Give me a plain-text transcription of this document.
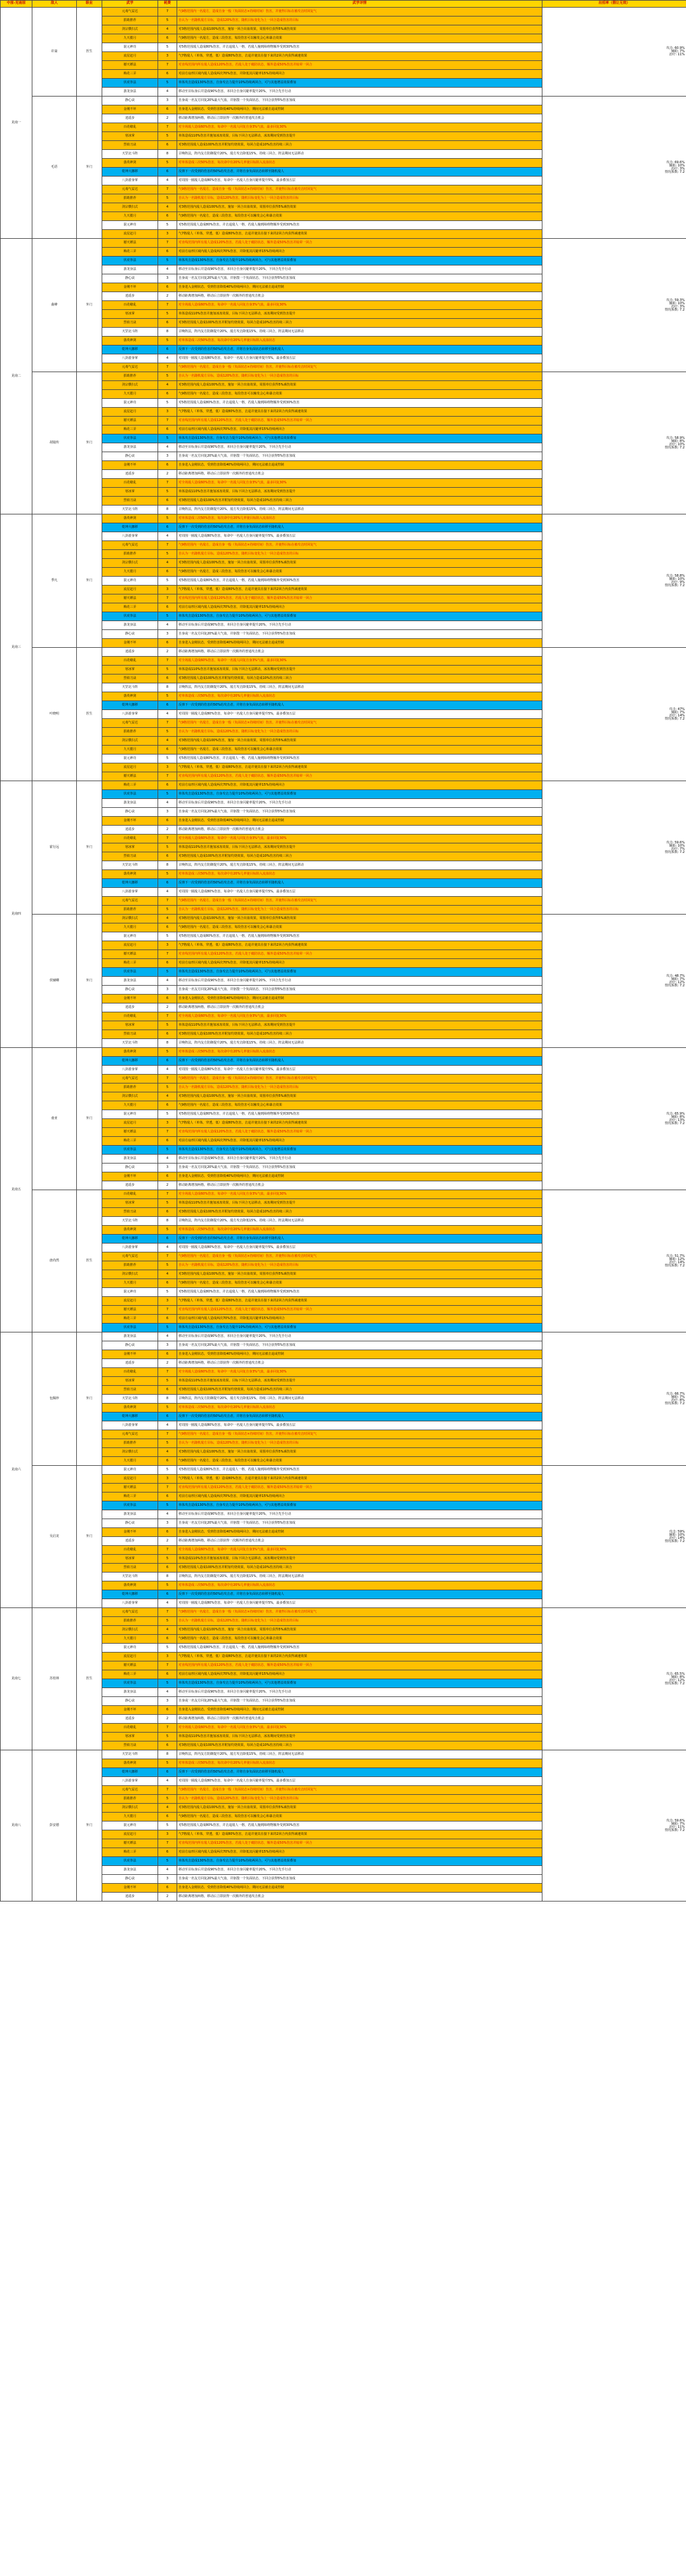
中原-见南原	敌人	职业	武学	耗费	武学详情	出招率（假让无效）
见南一	许嵩	医生	元毒气益达	7	气9格范围内一名敌方，造成自身一般（负面状态×持续时间）伤害，并使得目标在被攻击时回复气	攻击: 60.9%
辅助: 7%
治疗: 11%
			捐助推荐	5	自认为一名随机敌方目标，造成120%伤害，随机目标变化为上一回合造成伤害的目标	
			剑宗横扫式	4	对3格范围内敌人造成100%伤害，施加一回合出血效果，周围单位获得5%减伤效果	
			九天揽月	6	气9格范围内一名敌方，造成三段伤害，每段伤害可以触发会心和暴击效果	
			混元神功	5	对5格范围敌人造成80%伤害，并击退敌人一格，若敌人撞到障碍物额外受到30%伤害	
			流星赶月	3	气7格敌人（单体，穿透，低）造成80%伤害，击退并使其在接下来的2回合内获得减速效果	
			撼天锤法	7	对直线范围内所有敌人造成120%伤害，若敌人处于破防状态，额外造成50%伤害并眩晕一回合	
			梅花三弄	6	对前方扇形区域内敌人造成两次70%伤害，并降低其闪避率15%持续两回合	
			伏虎拳法	5	单体攻击造成130%伤害，自身攻击力提升10%持续两回合，可与其他增益效果叠加	
			游龙身法	4	移动至目标身后并造成90%伤害，本回合自身闪避率提升20%，下回合先手行动	
	毛语	外门	静心诀	3	自身或一名友方回复20%最大气血，并驱散一个负面状态，下回合获得5%伤害加成	攻击: 69.6%
辅助: 10%
治疗: 3%
情况系数: 7.2
			金刚不坏	6	自身进入金刚状态，受到伤害降低40%持续两回合，期间无法被击退或控制	
			逍遥步	2	移动距离增加两格，移动后立即获得一次额外的普通攻击机会	
			百花缭乱	7	对全场敌人造成60%伤害，每命中一名敌人回复自身3%气血，最多回复30%	
			寒冰掌	5	单体造成110%伤害并施加冰冻效果，目标下回合无法移动，冰冻期间受到伤害提升	
			烈焰刀诀	6	对3格范围敌人造成100%伤害并附加灼烧效果，每回合造成10%伤害持续三回合	
			天罡北斗阵	8	召唤阵法，阵内友方防御提升20%，敌方攻击降低15%，持续三回合，阵法期间无法移动	
			落英神剑	5	对单体造成三次50%伤害，每次命中有20%几率使目标陷入流血状态	
			乾坤大挪移	6	反弹下一次受到的伤害的50%给攻击者，并将自身负面状态转移至随机敌人	
			八卦游身掌	4	对周围一圈敌人造成80%伤害，每命中一名敌人自身闪避率提升5%，最多叠加五层	
			元毒气益达	7	气9格范围内一名敌方，造成自身一般（负面状态×持续时间）伤害，并使得目标在被攻击时回复气	
			捐助推荐	5	自认为一名随机敌方目标，造成120%伤害，随机目标变化为上一回合造成伤害的目标	
			剑宗横扫式	4	对3格范围内敌人造成100%伤害，施加一回合出血效果，周围单位获得5%减伤效果	
			九天揽月	6	气9格范围内一名敌方，造成三段伤害，每段伤害可以触发会心和暴击效果	
			混元神功	5	对5格范围敌人造成80%伤害，并击退敌人一格，若敌人撞到障碍物额外受到30%伤害	
			流星赶月	3	气7格敌人（单体，穿透，低）造成80%伤害，击退并使其在接下来的2回合内获得减速效果	
见南二	曲峰	外门	撼天锤法	7	对直线范围内所有敌人造成120%伤害，若敌人处于破防状态，额外造成50%伤害并眩晕一回合	攻击: 59.3%
辅助: 10%
治疗: 3%
情况系数: 7.2
			梅花三弄	6	对前方扇形区域内敌人造成两次70%伤害，并降低其闪避率15%持续两回合	
			伏虎拳法	5	单体攻击造成130%伤害，自身攻击力提升10%持续两回合，可与其他增益效果叠加	
			游龙身法	4	移动至目标身后并造成90%伤害，本回合自身闪避率提升20%，下回合先手行动	
			静心诀	3	自身或一名友方回复20%最大气血，并驱散一个负面状态，下回合获得5%伤害加成	
			金刚不坏	6	自身进入金刚状态，受到伤害降低40%持续两回合，期间无法被击退或控制	
			逍遥步	2	移动距离增加两格，移动后立即获得一次额外的普通攻击机会	
			百花缭乱	7	对全场敌人造成60%伤害，每命中一名敌人回复自身3%气血，最多回复30%	
			寒冰掌	5	单体造成110%伤害并施加冰冻效果，目标下回合无法移动，冰冻期间受到伤害提升	
			烈焰刀诀	6	对3格范围敌人造成100%伤害并附加灼烧效果，每回合造成10%伤害持续三回合	
			天罡北斗阵	8	召唤阵法，阵内友方防御提升20%，敌方攻击降低15%，持续三回合，阵法期间无法移动	
			落英神剑	5	对单体造成三次50%伤害，每次命中有20%几率使目标陷入流血状态	
			乾坤大挪移	6	反弹下一次受到的伤害的50%给攻击者，并将自身负面状态转移至随机敌人	
			八卦游身掌	4	对周围一圈敌人造成80%伤害，每命中一名敌人自身闪避率提升5%，最多叠加五层	
			元毒气益达	7	气9格范围内一名敌方，造成自身一般（负面状态×持续时间）伤害，并使得目标在被攻击时回复气	
	胡镜传	外门	捐助推荐	5	自认为一名随机敌方目标，造成120%伤害，随机目标变化为上一回合造成伤害的目标	攻击: 58.9%
辅助: 8%
治疗: 10%
情况系数: 7.2
			剑宗横扫式	4	对3格范围内敌人造成100%伤害，施加一回合出血效果，周围单位获得5%减伤效果	
			九天揽月	6	气9格范围内一名敌方，造成三段伤害，每段伤害可以触发会心和暴击效果	
			混元神功	5	对5格范围敌人造成80%伤害，并击退敌人一格，若敌人撞到障碍物额外受到30%伤害	
			流星赶月	3	气7格敌人（单体，穿透，低）造成80%伤害，击退并使其在接下来的2回合内获得减速效果	
			撼天锤法	7	对直线范围内所有敌人造成120%伤害，若敌人处于破防状态，额外造成50%伤害并眩晕一回合	
			梅花三弄	6	对前方扇形区域内敌人造成两次70%伤害，并降低其闪避率15%持续两回合	
			伏虎拳法	5	单体攻击造成130%伤害，自身攻击力提升10%持续两回合，可与其他增益效果叠加	
			游龙身法	4	移动至目标身后并造成90%伤害，本回合自身闪避率提升20%，下回合先手行动	
			静心诀	3	自身或一名友方回复20%最大气血，并驱散一个负面状态，下回合获得5%伤害加成	
			金刚不坏	6	自身进入金刚状态，受到伤害降低40%持续两回合，期间无法被击退或控制	
			逍遥步	2	移动距离增加两格，移动后立即获得一次额外的普通攻击机会	
			百花缭乱	7	对全场敌人造成60%伤害，每命中一名敌人回复自身3%气血，最多回复30%	
			寒冰掌	5	单体造成110%伤害并施加冰冻效果，目标下回合无法移动，冰冻期间受到伤害提升	
			烈焰刀诀	6	对3格范围敌人造成100%伤害并附加灼烧效果，每回合造成10%伤害持续三回合	
			天罡北斗阵	8	召唤阵法，阵内友方防御提升20%，敌方攻击降低15%，持续三回合，阵法期间无法移动	
见南三	季凡	外门	落英神剑	5	对单体造成三次50%伤害，每次命中有20%几率使目标陷入流血状态	攻击: 58.8%
辅助: 10%
治疗: 9%
情况系数: 7.2
			乾坤大挪移	6	反弹下一次受到的伤害的50%给攻击者，并将自身负面状态转移至随机敌人	
			八卦游身掌	4	对周围一圈敌人造成80%伤害，每命中一名敌人自身闪避率提升5%，最多叠加五层	
			元毒气益达	7	气9格范围内一名敌方，造成自身一般（负面状态×持续时间）伤害，并使得目标在被攻击时回复气	
			捐助推荐	5	自认为一名随机敌方目标，造成120%伤害，随机目标变化为上一回合造成伤害的目标	
			剑宗横扫式	4	对3格范围内敌人造成100%伤害，施加一回合出血效果，周围单位获得5%减伤效果	
			九天揽月	6	气9格范围内一名敌方，造成三段伤害，每段伤害可以触发会心和暴击效果	
			混元神功	5	对5格范围敌人造成80%伤害，并击退敌人一格，若敌人撞到障碍物额外受到30%伤害	
			流星赶月	3	气7格敌人（单体，穿透，低）造成80%伤害，击退并使其在接下来的2回合内获得减速效果	
			撼天锤法	7	对直线范围内所有敌人造成120%伤害，若敌人处于破防状态，额外造成50%伤害并眩晕一回合	
			梅花三弄	6	对前方扇形区域内敌人造成两次70%伤害，并降低其闪避率15%持续两回合	
			伏虎拳法	5	单体攻击造成130%伤害，自身攻击力提升10%持续两回合，可与其他增益效果叠加	
			游龙身法	4	移动至目标身后并造成90%伤害，本回合自身闪避率提升20%，下回合先手行动	
			静心诀	3	自身或一名友方回复20%最大气血，并驱散一个负面状态，下回合获得5%伤害加成	
			金刚不坏	6	自身进入金刚状态，受到伤害降低40%持续两回合，期间无法被击退或控制	
	叶晓明	医生	逍遥步	2	移动距离增加两格，移动后立即获得一次额外的普通攻击机会	攻击: 47%
辅助: 7%
治疗: 14%
情况系数: 7.2
			百花缭乱	7	对全场敌人造成60%伤害，每命中一名敌人回复自身3%气血，最多回复30%	
			寒冰掌	5	单体造成110%伤害并施加冰冻效果，目标下回合无法移动，冰冻期间受到伤害提升	
			烈焰刀诀	6	对3格范围敌人造成100%伤害并附加灼烧效果，每回合造成10%伤害持续三回合	
			天罡北斗阵	8	召唤阵法，阵内友方防御提升20%，敌方攻击降低15%，持续三回合，阵法期间无法移动	
			落英神剑	5	对单体造成三次50%伤害，每次命中有20%几率使目标陷入流血状态	
			乾坤大挪移	6	反弹下一次受到的伤害的50%给攻击者，并将自身负面状态转移至随机敌人	
			八卦游身掌	4	对周围一圈敌人造成80%伤害，每命中一名敌人自身闪避率提升5%，最多叠加五层	
			元毒气益达	7	气9格范围内一名敌方，造成自身一般（负面状态×持续时间）伤害，并使得目标在被攻击时回复气	
			捐助推荐	5	自认为一名随机敌方目标，造成120%伤害，随机目标变化为上一回合造成伤害的目标	
			剑宗横扫式	4	对3格范围内敌人造成100%伤害，施加一回合出血效果，周围单位获得5%减伤效果	
			九天揽月	6	气9格范围内一名敌方，造成三段伤害，每段伤害可以触发会心和暴击效果	
			混元神功	5	对5格范围敌人造成80%伤害，并击退敌人一格，若敌人撞到障碍物额外受到30%伤害	
			流星赶月	3	气7格敌人（单体，穿透，低）造成80%伤害，击退并使其在接下来的2回合内获得减速效果	
			撼天锤法	7	对直线范围内所有敌人造成120%伤害，若敌人处于破防状态，额外造成50%伤害并眩晕一回合	
见南四	霍行远	外门	梅花三弄	6	对前方扇形区域内敌人造成两次70%伤害，并降低其闪避率15%持续两回合	攻击: 59.6%
辅助: 10%
治疗: 7%
情况系数: 7.2
			伏虎拳法	5	单体攻击造成130%伤害，自身攻击力提升10%持续两回合，可与其他增益效果叠加	
			游龙身法	4	移动至目标身后并造成90%伤害，本回合自身闪避率提升20%，下回合先手行动	
			静心诀	3	自身或一名友方回复20%最大气血，并驱散一个负面状态，下回合获得5%伤害加成	
			金刚不坏	6	自身进入金刚状态，受到伤害降低40%持续两回合，期间无法被击退或控制	
			逍遥步	2	移动距离增加两格，移动后立即获得一次额外的普通攻击机会	
			百花缭乱	7	对全场敌人造成60%伤害，每命中一名敌人回复自身3%气血，最多回复30%	
			寒冰掌	5	单体造成110%伤害并施加冰冻效果，目标下回合无法移动，冰冻期间受到伤害提升	
			烈焰刀诀	6	对3格范围敌人造成100%伤害并附加灼烧效果，每回合造成10%伤害持续三回合	
			天罡北斗阵	8	召唤阵法，阵内友方防御提升20%，敌方攻击降低15%，持续三回合，阵法期间无法移动	
			落英神剑	5	对单体造成三次50%伤害，每次命中有20%几率使目标陷入流血状态	
			乾坤大挪移	6	反弹下一次受到的伤害的50%给攻击者，并将自身负面状态转移至随机敌人	
			八卦游身掌	4	对周围一圈敌人造成80%伤害，每命中一名敌人自身闪避率提升5%，最多叠加五层	
			元毒气益达	7	气9格范围内一名敌方，造成自身一般（负面状态×持续时间）伤害，并使得目标在被攻击时回复气	
			捐助推荐	5	自认为一名随机敌方目标，造成120%伤害，随机目标变化为上一回合造成伤害的目标	
	侯辅卿	外门	剑宗横扫式	4	对3格范围内敌人造成100%伤害，施加一回合出血效果，周围单位获得5%减伤效果	攻击: 48.7%
辅助: 7%
治疗: 12%
情况系数: 7.2
			九天揽月	6	气9格范围内一名敌方，造成三段伤害，每段伤害可以触发会心和暴击效果	
			混元神功	5	对5格范围敌人造成80%伤害，并击退敌人一格，若敌人撞到障碍物额外受到30%伤害	
			流星赶月	3	气7格敌人（单体，穿透，低）造成80%伤害，击退并使其在接下来的2回合内获得减速效果	
			撼天锤法	7	对直线范围内所有敌人造成120%伤害，若敌人处于破防状态，额外造成50%伤害并眩晕一回合	
			梅花三弄	6	对前方扇形区域内敌人造成两次70%伤害，并降低其闪避率15%持续两回合	
			伏虎拳法	5	单体攻击造成130%伤害，自身攻击力提升10%持续两回合，可与其他增益效果叠加	
			游龙身法	4	移动至目标身后并造成90%伤害，本回合自身闪避率提升20%，下回合先手行动	
			静心诀	3	自身或一名友方回复20%最大气血，并驱散一个负面状态，下回合获得5%伤害加成	
			金刚不坏	6	自身进入金刚状态，受到伤害降低40%持续两回合，期间无法被击退或控制	
			逍遥步	2	移动距离增加两格，移动后立即获得一次额外的普通攻击机会	
			百花缭乱	7	对全场敌人造成60%伤害，每命中一名敌人回复自身3%气血，最多回复30%	
			寒冰掌	5	单体造成110%伤害并施加冰冻效果，目标下回合无法移动，冰冻期间受到伤害提升	
			烈焰刀诀	6	对3格范围敌人造成100%伤害并附加灼烧效果，每回合造成10%伤害持续三回合	
			天罡北斗阵	8	召唤阵法，阵内友方防御提升20%，敌方攻击降低15%，持续三回合，阵法期间无法移动	
见南五	童亚	外门	落英神剑	5	对单体造成三次50%伤害，每次命中有20%几率使目标陷入流血状态	攻击: 65.9%
辅助: 8%
治疗: 13%
情况系数: 7.2
			乾坤大挪移	6	反弹下一次受到的伤害的50%给攻击者，并将自身负面状态转移至随机敌人	
			八卦游身掌	4	对周围一圈敌人造成80%伤害，每命中一名敌人自身闪避率提升5%，最多叠加五层	
			元毒气益达	7	气9格范围内一名敌方，造成自身一般（负面状态×持续时间）伤害，并使得目标在被攻击时回复气	
			捐助推荐	5	自认为一名随机敌方目标，造成120%伤害，随机目标变化为上一回合造成伤害的目标	
			剑宗横扫式	4	对3格范围内敌人造成100%伤害，施加一回合出血效果，周围单位获得5%减伤效果	
			九天揽月	6	气9格范围内一名敌方，造成三段伤害，每段伤害可以触发会心和暴击效果	
			混元神功	5	对5格范围敌人造成80%伤害，并击退敌人一格，若敌人撞到障碍物额外受到30%伤害	
			流星赶月	3	气7格敌人（单体，穿透，低）造成80%伤害，击退并使其在接下来的2回合内获得减速效果	
			撼天锤法	7	对直线范围内所有敌人造成120%伤害，若敌人处于破防状态，额外造成50%伤害并眩晕一回合	
			梅花三弄	6	对前方扇形区域内敌人造成两次70%伤害，并降低其闪避率15%持续两回合	
			伏虎拳法	5	单体攻击造成130%伤害，自身攻击力提升10%持续两回合，可与其他增益效果叠加	
			游龙身法	4	移动至目标身后并造成90%伤害，本回合自身闪避率提升20%，下回合先手行动	
			静心诀	3	自身或一名友方回复20%最大气血，并驱散一个负面状态，下回合获得5%伤害加成	
			金刚不坏	6	自身进入金刚状态，受到伤害降低40%持续两回合，期间无法被击退或控制	
			逍遥步	2	移动距离增加两格，移动后立即获得一次额外的普通攻击机会	
	唐尚然	医生	百花缭乱	7	对全场敌人造成60%伤害，每命中一名敌人回复自身3%气血，最多回复30%	攻击: 51.7%
辅助: 12%
治疗: 14%
情况系数: 7.2
			寒冰掌	5	单体造成110%伤害并施加冰冻效果，目标下回合无法移动，冰冻期间受到伤害提升	
			烈焰刀诀	6	对3格范围敌人造成100%伤害并附加灼烧效果，每回合造成10%伤害持续三回合	
			天罡北斗阵	8	召唤阵法，阵内友方防御提升20%，敌方攻击降低15%，持续三回合，阵法期间无法移动	
			落英神剑	5	对单体造成三次50%伤害，每次命中有20%几率使目标陷入流血状态	
			乾坤大挪移	6	反弹下一次受到的伤害的50%给攻击者，并将自身负面状态转移至随机敌人	
			八卦游身掌	4	对周围一圈敌人造成80%伤害，每命中一名敌人自身闪避率提升5%，最多叠加五层	
			元毒气益达	7	气9格范围内一名敌方，造成自身一般（负面状态×持续时间）伤害，并使得目标在被攻击时回复气	
			捐助推荐	5	自认为一名随机敌方目标，造成120%伤害，随机目标变化为上一回合造成伤害的目标	
			剑宗横扫式	4	对3格范围内敌人造成100%伤害，施加一回合出血效果，周围单位获得5%减伤效果	
			九天揽月	6	气9格范围内一名敌方，造成三段伤害，每段伤害可以触发会心和暴击效果	
			混元神功	5	对5格范围敌人造成80%伤害，并击退敌人一格，若敌人撞到障碍物额外受到30%伤害	
			流星赶月	3	气7格敌人（单体，穿透，低）造成80%伤害，击退并使其在接下来的2回合内获得减速效果	
			撼天锤法	7	对直线范围内所有敌人造成120%伤害，若敌人处于破防状态，额外造成50%伤害并眩晕一回合	
			梅花三弄	6	对前方扇形区域内敌人造成两次70%伤害，并降低其闪避率15%持续两回合	
			伏虎拳法	5	单体攻击造成130%伤害，自身攻击力提升10%持续两回合，可与其他增益效果叠加	
见南六	包佩珍	外门	游龙身法	4	移动至目标身后并造成90%伤害，本回合自身闪避率提升20%，下回合先手行动	攻击: 66.7%
辅助: 7%
治疗: 8%
情况系数: 7.2
			静心诀	3	自身或一名友方回复20%最大气血，并驱散一个负面状态，下回合获得5%伤害加成	
			金刚不坏	6	自身进入金刚状态，受到伤害降低40%持续两回合，期间无法被击退或控制	
			逍遥步	2	移动距离增加两格，移动后立即获得一次额外的普通攻击机会	
			百花缭乱	7	对全场敌人造成60%伤害，每命中一名敌人回复自身3%气血，最多回复30%	
			寒冰掌	5	单体造成110%伤害并施加冰冻效果，目标下回合无法移动，冰冻期间受到伤害提升	
			烈焰刀诀	6	对3格范围敌人造成100%伤害并附加灼烧效果，每回合造成10%伤害持续三回合	
			天罡北斗阵	8	召唤阵法，阵内友方防御提升20%，敌方攻击降低15%，持续三回合，阵法期间无法移动	
			落英神剑	5	对单体造成三次50%伤害，每次命中有20%几率使目标陷入流血状态	
			乾坤大挪移	6	反弹下一次受到的伤害的50%给攻击者，并将自身负面状态转移至随机敌人	
			八卦游身掌	4	对周围一圈敌人造成80%伤害，每命中一名敌人自身闪避率提升5%，最多叠加五层	
			元毒气益达	7	气9格范围内一名敌方，造成自身一般（负面状态×持续时间）伤害，并使得目标在被攻击时回复气	
			捐助推荐	5	自认为一名随机敌方目标，造成120%伤害，随机目标变化为上一回合造成伤害的目标	
			剑宗横扫式	4	对3格范围内敌人造成100%伤害，施加一回合出血效果，周围单位获得5%减伤效果	
			九天揽月	6	气9格范围内一名敌方，造成三段伤害，每段伤害可以触发会心和暴击效果	
	吴启龙	外门	混元神功	5	对5格范围敌人造成80%伤害，并击退敌人一格，若敌人撞到障碍物额外受到30%伤害	攻击: 59%
辅助: 10%
治疗: 14%
情况系数: 7.2
			流星赶月	3	气7格敌人（单体，穿透，低）造成80%伤害，击退并使其在接下来的2回合内获得减速效果	
			撼天锤法	7	对直线范围内所有敌人造成120%伤害，若敌人处于破防状态，额外造成50%伤害并眩晕一回合	
			梅花三弄	6	对前方扇形区域内敌人造成两次70%伤害，并降低其闪避率15%持续两回合	
			伏虎拳法	5	单体攻击造成130%伤害，自身攻击力提升10%持续两回合，可与其他增益效果叠加	
			游龙身法	4	移动至目标身后并造成90%伤害，本回合自身闪避率提升20%，下回合先手行动	
			静心诀	3	自身或一名友方回复20%最大气血，并驱散一个负面状态，下回合获得5%伤害加成	
			金刚不坏	6	自身进入金刚状态，受到伤害降低40%持续两回合，期间无法被击退或控制	
			逍遥步	2	移动距离增加两格，移动后立即获得一次额外的普通攻击机会	
			百花缭乱	7	对全场敌人造成60%伤害，每命中一名敌人回复自身3%气血，最多回复30%	
			寒冰掌	5	单体造成110%伤害并施加冰冻效果，目标下回合无法移动，冰冻期间受到伤害提升	
			烈焰刀诀	6	对3格范围敌人造成100%伤害并附加灼烧效果，每回合造成10%伤害持续三回合	
			天罡北斗阵	8	召唤阵法，阵内友方防御提升20%，敌方攻击降低15%，持续三回合，阵法期间无法移动	
			落英神剑	5	对单体造成三次50%伤害，每次命中有20%几率使目标陷入流血状态	
			乾坤大挪移	6	反弹下一次受到的伤害的50%给攻击者，并将自身负面状态转移至随机敌人	
			八卦游身掌	4	对周围一圈敌人造成80%伤害，每命中一名敌人自身闪避率提升5%，最多叠加五层	
见南七	苏桂林	医生	元毒气益达	7	气9格范围内一名敌方，造成自身一般（负面状态×持续时间）伤害，并使得目标在被攻击时回复气	攻击: 65.5%
辅助: 8%
治疗: 12%
情况系数: 7.2
			捐助推荐	5	自认为一名随机敌方目标，造成120%伤害，随机目标变化为上一回合造成伤害的目标	
			剑宗横扫式	4	对3格范围内敌人造成100%伤害，施加一回合出血效果，周围单位获得5%减伤效果	
			九天揽月	6	气9格范围内一名敌方，造成三段伤害，每段伤害可以触发会心和暴击效果	
			混元神功	5	对5格范围敌人造成80%伤害，并击退敌人一格，若敌人撞到障碍物额外受到30%伤害	
			流星赶月	3	气7格敌人（单体，穿透，低）造成80%伤害，击退并使其在接下来的2回合内获得减速效果	
			撼天锤法	7	对直线范围内所有敌人造成120%伤害，若敌人处于破防状态，额外造成50%伤害并眩晕一回合	
			梅花三弄	6	对前方扇形区域内敌人造成两次70%伤害，并降低其闪避率15%持续两回合	
			伏虎拳法	5	单体攻击造成130%伤害，自身攻击力提升10%持续两回合，可与其他增益效果叠加	
			游龙身法	4	移动至目标身后并造成90%伤害，本回合自身闪避率提升20%，下回合先手行动	
			静心诀	3	自身或一名友方回复20%最大气血，并驱散一个负面状态，下回合获得5%伤害加成	
			金刚不坏	6	自身进入金刚状态，受到伤害降低40%持续两回合，期间无法被击退或控制	
			逍遥步	2	移动距离增加两格，移动后立即获得一次额外的普通攻击机会	
			百花缭乱	7	对全场敌人造成60%伤害，每命中一名敌人回复自身3%气血，最多回复30%	
			寒冰掌	5	单体造成110%伤害并施加冰冻效果，目标下回合无法移动，冰冻期间受到伤害提升	
			烈焰刀诀	6	对3格范围敌人造成100%伤害并附加灼烧效果，每回合造成10%伤害持续三回合	
见南八	彭安德	外门	天罡北斗阵	8	召唤阵法，阵内友方防御提升20%，敌方攻击降低15%，持续三回合，阵法期间无法移动	攻击: 59.6%
辅助: 7%
治疗: 11%
情况系数: 7.2
			落英神剑	5	对单体造成三次50%伤害，每次命中有20%几率使目标陷入流血状态	
			乾坤大挪移	6	反弹下一次受到的伤害的50%给攻击者，并将自身负面状态转移至随机敌人	
			八卦游身掌	4	对周围一圈敌人造成80%伤害，每命中一名敌人自身闪避率提升5%，最多叠加五层	
			元毒气益达	7	气9格范围内一名敌方，造成自身一般（负面状态×持续时间）伤害，并使得目标在被攻击时回复气	
			捐助推荐	5	自认为一名随机敌方目标，造成120%伤害，随机目标变化为上一回合造成伤害的目标	
			剑宗横扫式	4	对3格范围内敌人造成100%伤害，施加一回合出血效果，周围单位获得5%减伤效果	
			九天揽月	6	气9格范围内一名敌方，造成三段伤害，每段伤害可以触发会心和暴击效果	
			混元神功	5	对5格范围敌人造成80%伤害，并击退敌人一格，若敌人撞到障碍物额外受到30%伤害	
			流星赶月	3	气7格敌人（单体，穿透，低）造成80%伤害，击退并使其在接下来的2回合内获得减速效果	
			撼天锤法	7	对直线范围内所有敌人造成120%伤害，若敌人处于破防状态，额外造成50%伤害并眩晕一回合	
			梅花三弄	6	对前方扇形区域内敌人造成两次70%伤害，并降低其闪避率15%持续两回合	
			伏虎拳法	5	单体攻击造成130%伤害，自身攻击力提升10%持续两回合，可与其他增益效果叠加	
			游龙身法	4	移动至目标身后并造成90%伤害，本回合自身闪避率提升20%，下回合先手行动	
			静心诀	3	自身或一名友方回复20%最大气血，并驱散一个负面状态，下回合获得5%伤害加成	
			金刚不坏	6	自身进入金刚状态，受到伤害降低40%持续两回合，期间无法被击退或控制	
			逍遥步	2	移动距离增加两格，移动后立即获得一次额外的普通攻击机会	
